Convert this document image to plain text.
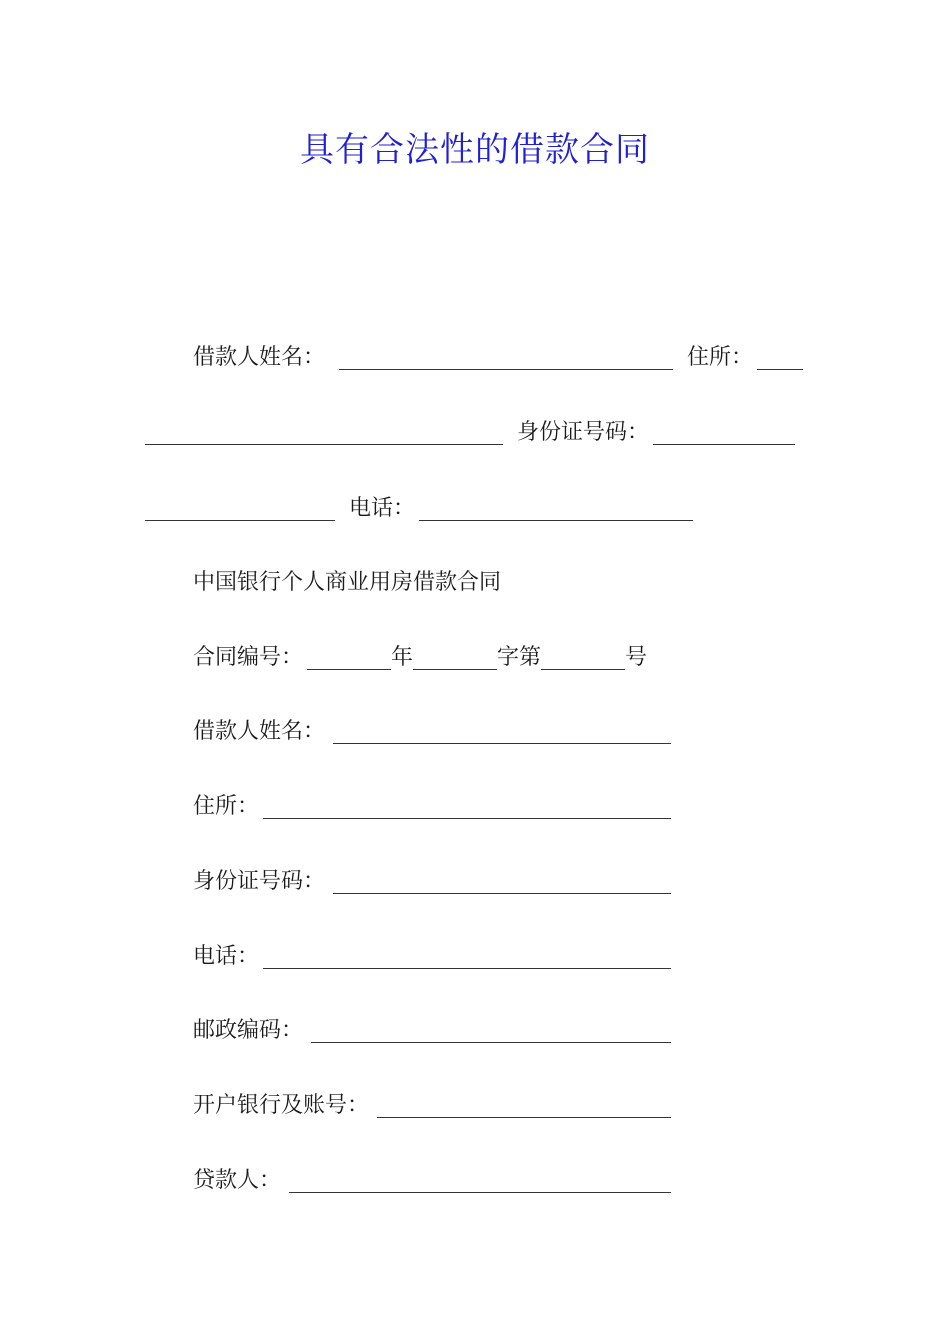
具有合法性的借款合同
借款人姓名：	住所：
身份证号码：
电话：
中国银行个人商业用房借款合同
合同编号：	年	字第	号
借款人姓名：
住所：
身份证号码：
电话：
邮政编码：
开户银行及账号：
贷款人：
